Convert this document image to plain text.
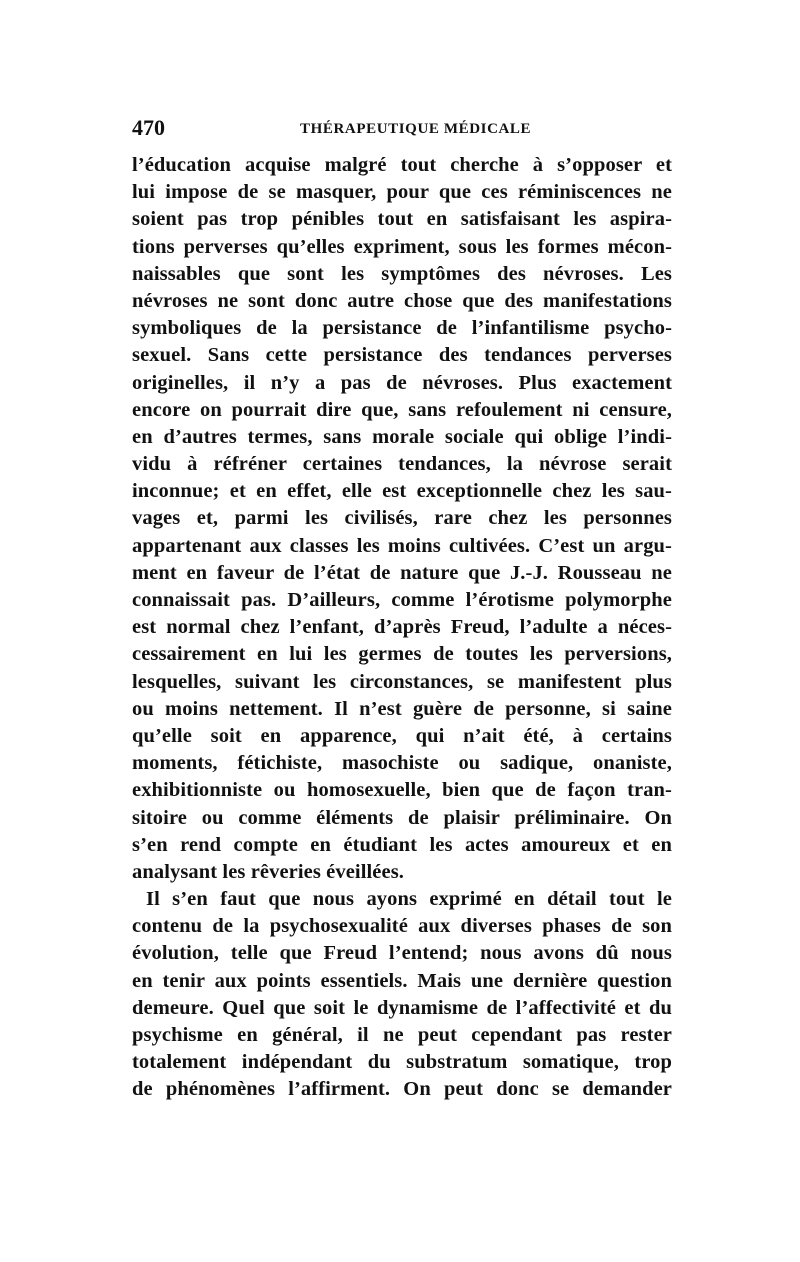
470	THÉRAPEUTIQUE MÉDICALE
l’éducation acquise malgré tout cherche à s’opposer et
lui impose de se masquer, pour que ces réminiscences ne
soient pas trop pénibles tout en satisfaisant les aspira-
tions perverses qu’elles expriment, sous les formes mécon-
naissables que sont les symptômes des névroses. Les
névroses ne sont donc autre chose que des manifestations
symboliques de la persistance de l’infantilisme psycho-
sexuel. Sans cette persistance des tendances perverses
originelles, il n’y a pas de névroses. Plus exactement
encore on pourrait dire que, sans refoulement ni censure,
en d’autres termes, sans morale sociale qui oblige l’indi-
vidu à réfréner certaines tendances, la névrose serait
inconnue; et en effet, elle est exceptionnelle chez les sau-
vages et, parmi les civilisés, rare chez les personnes
appartenant aux classes les moins cultivées. C’est un argu-
ment en faveur de l’état de nature que J.-J. Rousseau ne
connaissait pas. D’ailleurs, comme l’érotisme polymorphe
est normal chez l’enfant, d’après Freud, l’adulte a néces-
cessairement en lui les germes de toutes les perversions,
lesquelles, suivant les circonstances, se manifestent plus
ou moins nettement. Il n’est guère de personne, si saine
qu’elle soit en apparence, qui n’ait été, à certains
moments, fétichiste, masochiste ou sadique, onaniste,
exhibitionniste ou homosexuelle, bien que de façon tran-
sitoire ou comme éléments de plaisir préliminaire. On
s’en rend compte en étudiant les actes amoureux et en
analysant les rêveries éveillées.
Il s’en faut que nous ayons exprimé en détail tout le
contenu de la psychosexualité aux diverses phases de son
évolution, telle que Freud l’entend; nous avons dû nous
en tenir aux points essentiels. Mais une dernière question
demeure. Quel que soit le dynamisme de l’affectivité et du
psychisme en général, il ne peut cependant pas rester
totalement indépendant du substratum somatique, trop
de phénomènes l’affirment. On peut donc se demander
